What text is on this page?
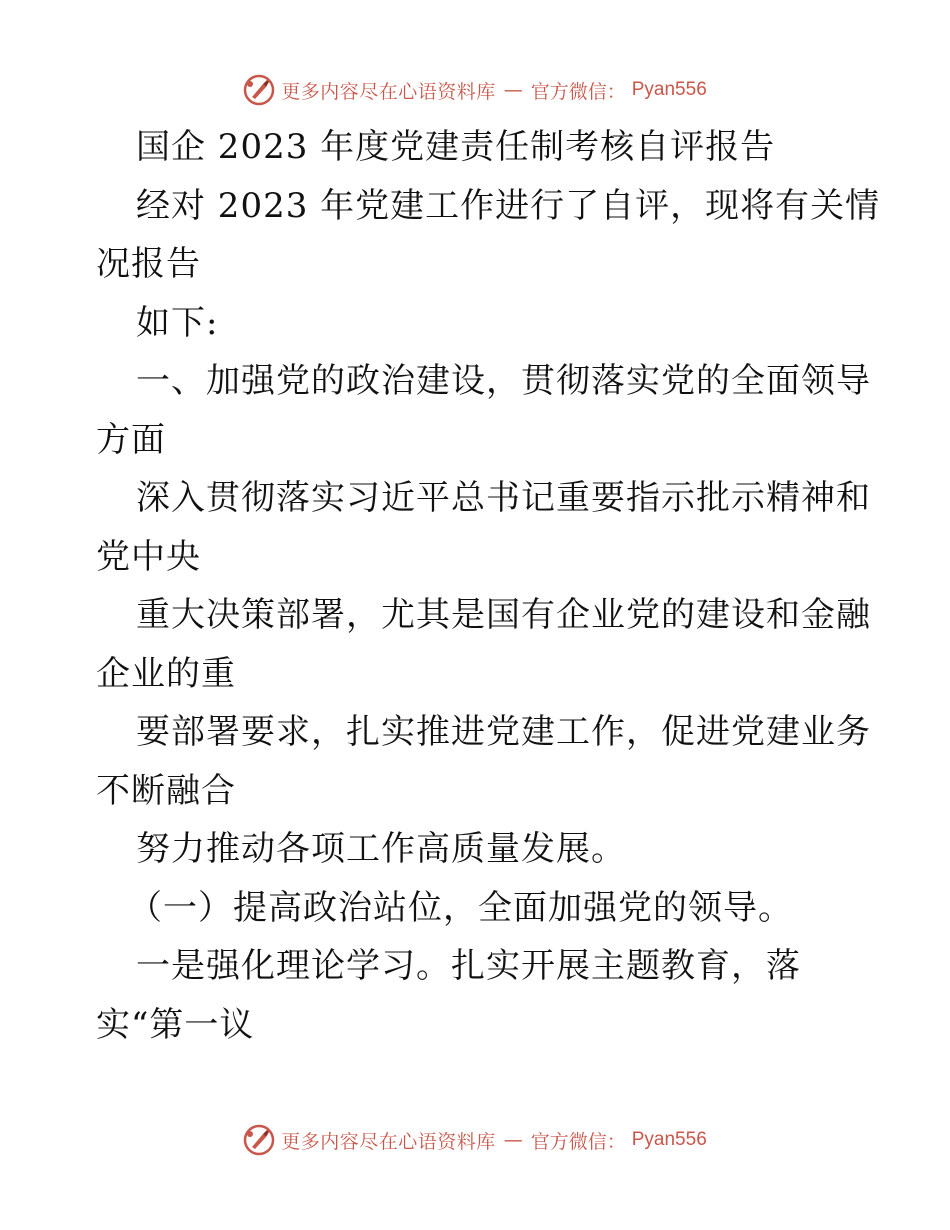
更多内容尽在心语资料库 — 官方微信： Pyan556
国企 2023 年度党建责任制考核自评报告
经对 2023 年党建工作进行了自评，现将有关情
况报告
如下:
一、加强党的政治建设，贯彻落实党的全面领导
方面
深入贯彻落实习近平总书记重要指示批示精神和
党中央
重大决策部署，尤其是国有企业党的建设和金融
企业的重
要部署要求，扎实推进党建工作，促进党建业务
不断融合
努力推动各项工作高质量发展。
（一）提高政治站位，全面加强党的领导。
一是强化理论学习。扎实开展主题教育，落
实“第一议
更多内容尽在心语资料库 — 官方微信： Pyan556
